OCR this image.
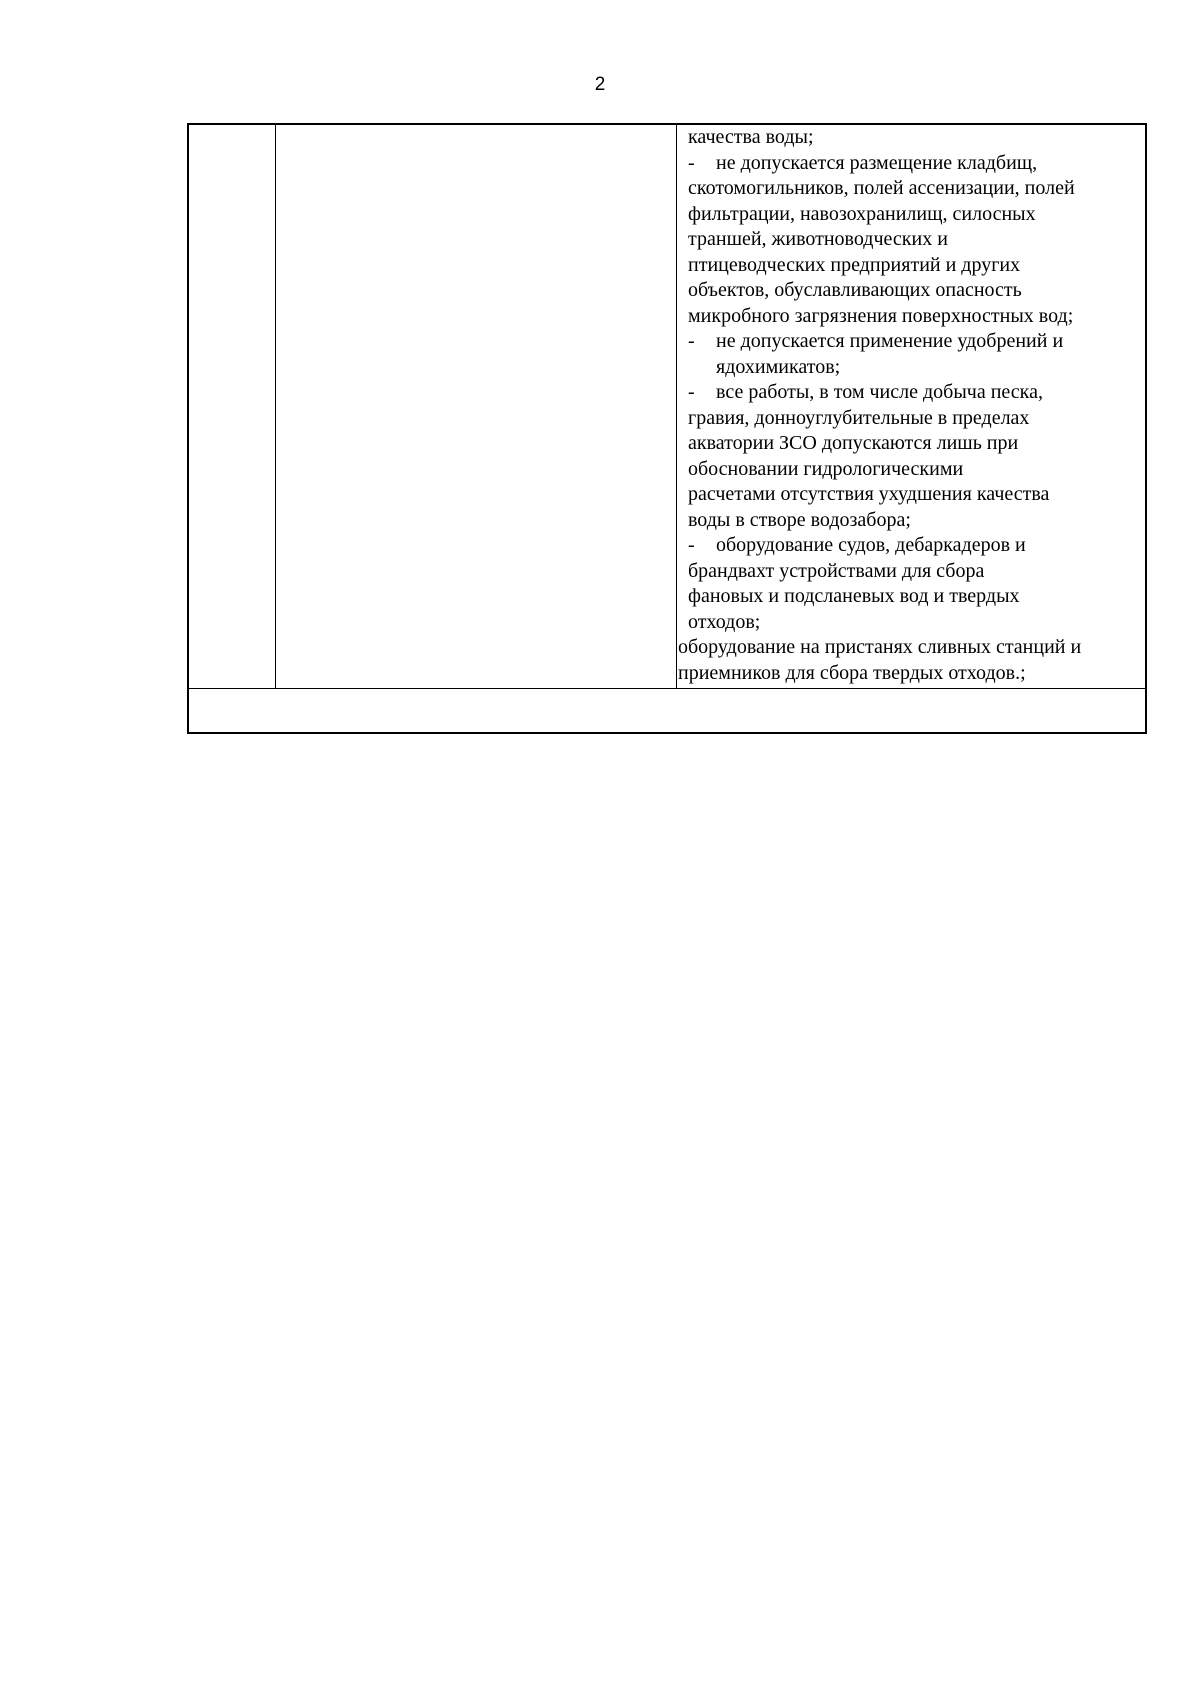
2
качества воды;
- не допускается размещение кладбищ,
скотомогильников, полей ассенизации, полей
фильтрации, навозохранилищ, силосных
траншей, животноводческих и
птицеводческих предприятий и других
объектов, обуславливающих опасность
микробного загрязнения поверхностных вод;
- не допускается применение удобрений и
ядохимикатов;
- все работы, в том числе добыча песка,
гравия, донноуглубительные в пределах
акватории ЗСО допускаются лишь при
обосновании гидрологическими
расчетами отсутствия ухудшения качества
воды в створе водозабора;
- оборудование судов, дебаркадеров и
брандвахт устройствами для сбора
фановых и подсланевых вод и твердых
отходов;
оборудование на пристанях сливных станций и
приемников для сбора твердых отходов.;
